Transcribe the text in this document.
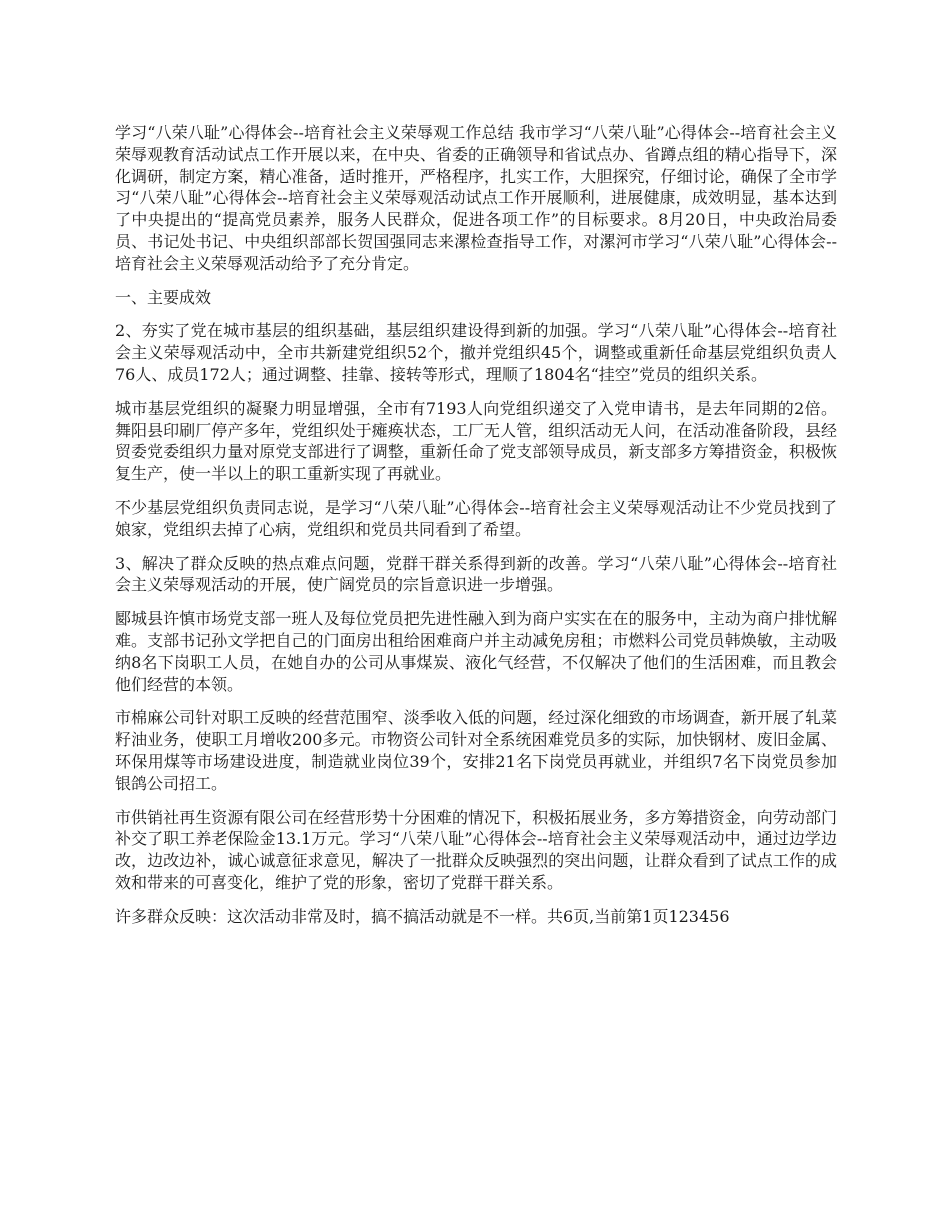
学习“八荣八耻”心得体会--培育社会主义荣辱观工作总结 我市学习“八荣八耻”心得体会--培育社会主义荣辱观教育活动试点工作开展以来，在中央、省委的正确领导和省试点办、省蹲点组的精心指导下，深化调研，制定方案，精心准备，适时推开，严格程序，扎实工作，大胆探究，仔细讨论，确保了全市学习“八荣八耻”心得体会--培育社会主义荣辱观活动试点工作开展顺利，进展健康，成效明显，基本达到了中央提出的“提高党员素养，服务人民群众，促进各项工作”的目标要求。8月20日，中央政治局委员、书记处书记、中央组织部部长贺国强同志来漯检查指导工作，对漯河市学习“八荣八耻”心得体会--培育社会主义荣辱观活动给予了充分肯定。

一、主要成效

2、夯实了党在城市基层的组织基础，基层组织建设得到新的加强。学习“八荣八耻”心得体会--培育社会主义荣辱观活动中，全市共新建党组织52个，撤并党组织45个，调整或重新任命基层党组织负责人76人、成员172人；通过调整、挂靠、接转等形式，理顺了1804名“挂空”党员的组织关系。

城市基层党组织的凝聚力明显增强，全市有7193人向党组织递交了入党申请书，是去年同期的2倍。舞阳县印刷厂停产多年，党组织处于瘫痪状态，工厂无人管，组织活动无人问，在活动准备阶段，县经贸委党委组织力量对原党支部进行了调整，重新任命了党支部领导成员，新支部多方筹措资金，积极恢复生产，使一半以上的职工重新实现了再就业。

不少基层党组织负责同志说，是学习“八荣八耻”心得体会--培育社会主义荣辱观活动让不少党员找到了娘家，党组织去掉了心病，党组织和党员共同看到了希望。

3、解决了群众反映的热点难点问题，党群干群关系得到新的改善。学习“八荣八耻”心得体会--培育社会主义荣辱观活动的开展，使广阔党员的宗旨意识进一步增强。

郾城县许慎市场党支部一班人及每位党员把先进性融入到为商户实实在在的服务中，主动为商户排忧解难。支部书记孙文学把自己的门面房出租给困难商户并主动减免房租；市燃料公司党员韩焕敏，主动吸纳8名下岗职工人员，在她自办的公司从事煤炭、液化气经营，不仅解决了他们的生活困难，而且教会他们经营的本领。

市棉麻公司针对职工反映的经营范围窄、淡季收入低的问题，经过深化细致的市场调查，新开展了轧菜籽油业务，使职工月增收200多元。市物资公司针对全系统困难党员多的实际，加快钢材、废旧金属、环保用煤等市场建设进度，制造就业岗位39个，安排21名下岗党员再就业，并组织7名下岗党员参加银鸽公司招工。

市供销社再生资源有限公司在经营形势十分困难的情况下，积极拓展业务，多方筹措资金，向劳动部门补交了职工养老保险金13.1万元。学习“八荣八耻”心得体会--培育社会主义荣辱观活动中，通过边学边改，边改边补，诚心诚意征求意见，解决了一批群众反映强烈的突出问题，让群众看到了试点工作的成效和带来的可喜变化，维护了党的形象，密切了党群干群关系。

许多群众反映：这次活动非常及时，搞不搞活动就是不一样。共6页,当前第1页123456
